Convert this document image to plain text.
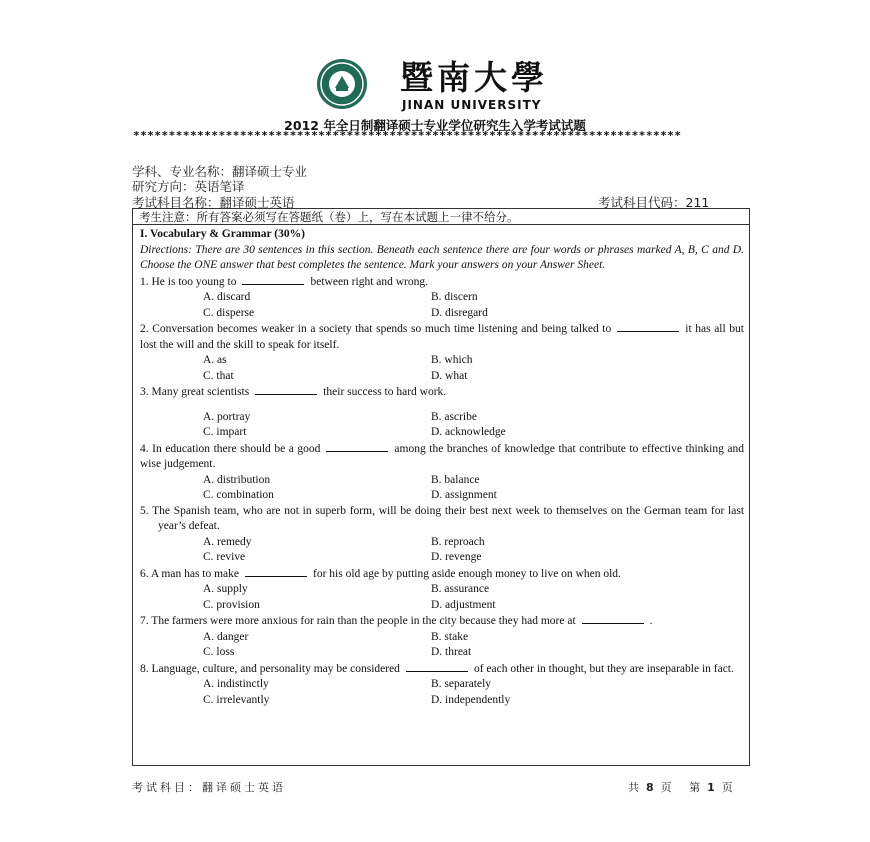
暨南大學
JINAN UNIVERSITY
2012 年全日制翻译硕士专业学位研究生入学考试试题
*****************************************************************************
学科、专业名称：翻译硕士专业
研究方向：英语笔译
考试科目名称：翻译硕士英语	考试科目代码：211
考生注意：所有答案必须写在答题纸（卷）上，写在本试题上一律不给分。
I. Vocabulary & Grammar (30%)
Directions: There are 30 sentences in this section. Beneath each sentence there are four words or phrases marked A, B, C and D. Choose the ONE answer that best completes the sentence. Mark your answers on your Answer Sheet.
1. He is too young to	between right and wrong.
A. discard	B. discern
C. disperse	D. disregard
2. Conversation becomes weaker in a society that spends so much time listening and being talked to	it has all but lost the will and the skill to speak for itself.
A. as	B. which
C. that	D. what
3. Many great scientists	their success to hard work.
A. portray	B. ascribe
C. impart	D. acknowledge
4. In education there should be a good	among the branches of knowledge that contribute to effective thinking and wise judgement.
A. distribution	B. balance
C. combination	D. assignment
5. The Spanish team, who are not in superb form, will be doing their best next week to themselves on the German team for last year’s defeat.
A. remedy	B. reproach
C. revive	D. revenge
6. A man has to make	for his old age by putting aside enough money to live on when old.
A. supply	B. assurance
C. provision	D. adjustment
7. The farmers were more anxious for rain than the people in the city because they had more at	.
A. danger	B. stake
C. loss	D. threat
8. Language, culture, and personality may be considered	of each other in thought, but they are inseparable in fact.
A. indistinctly	B. separately
C. irrelevantly	D. independently
考试科目：翻译硕士英语	共 8 页 第 1 页
